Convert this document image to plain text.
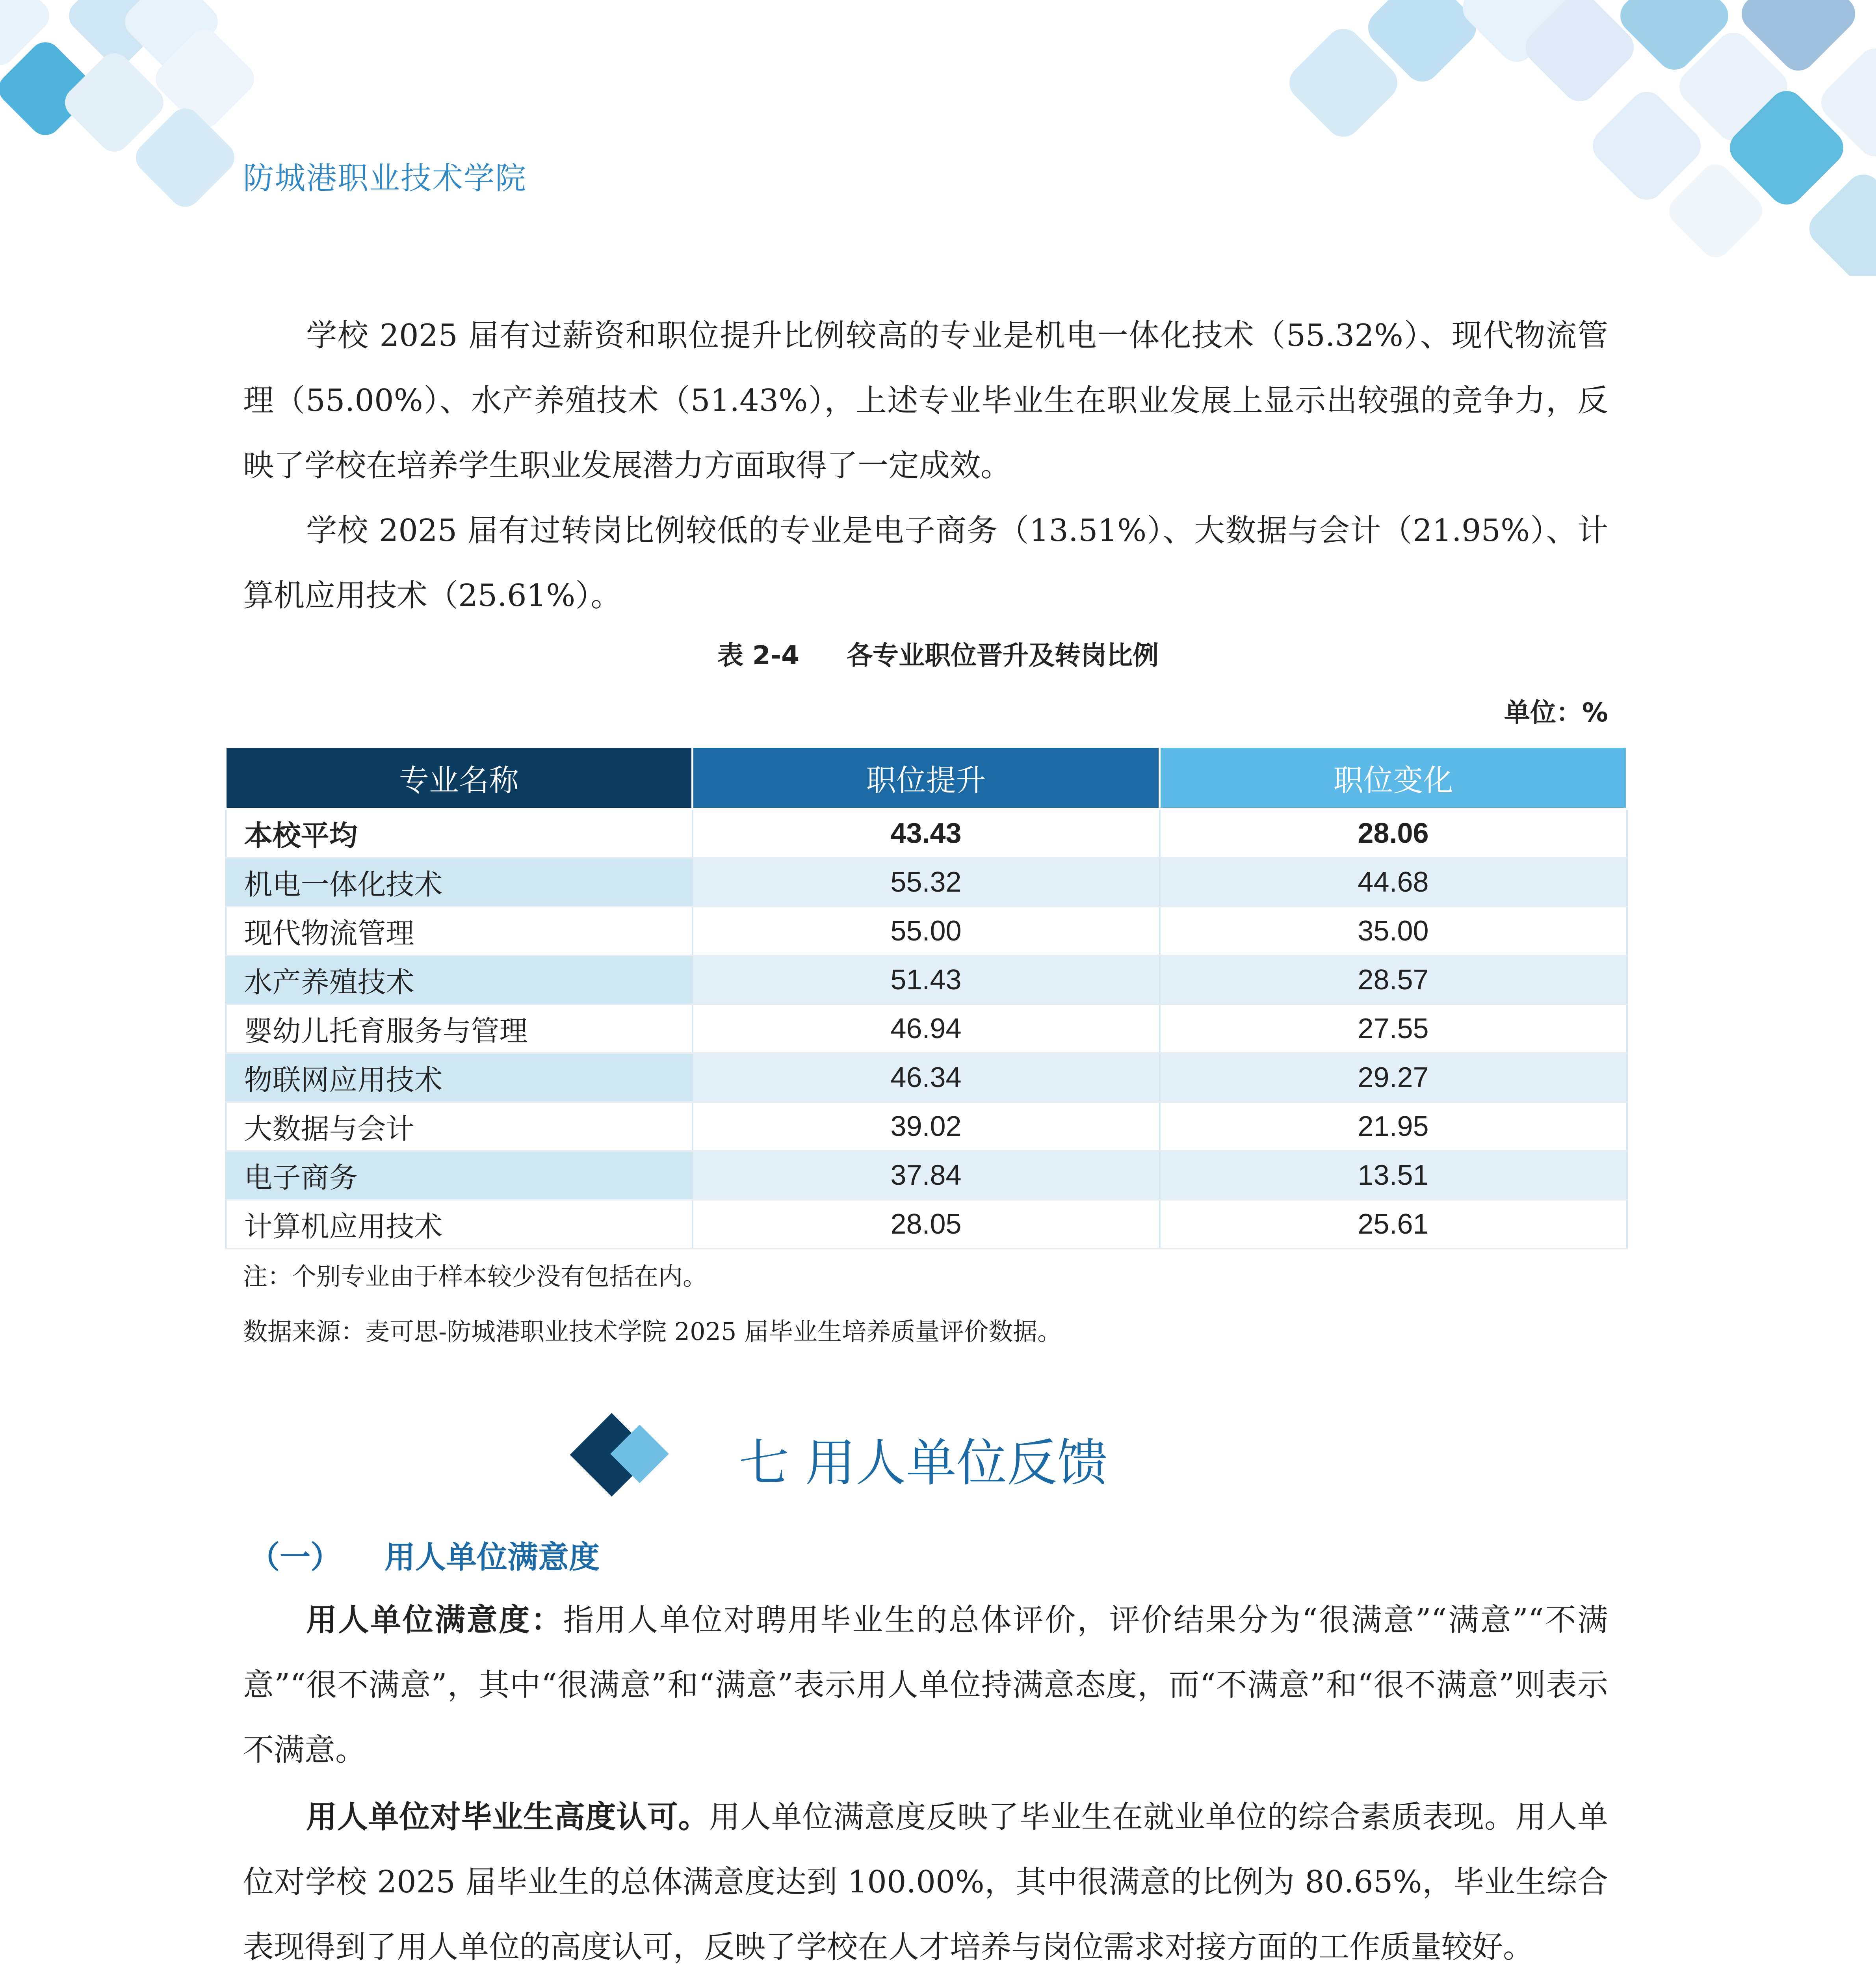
防城港职业技术学院

学校 2025 届有过薪资和职位提升比例较高的专业是机电一体化技术（55.32%）、现代物流管理（55.00%）、水产养殖技术（51.43%），上述专业毕业生在职业发展上显示出较强的竞争力，反映了学校在培养学生职业发展潜力方面取得了一定成效。

学校 2025 届有过转岗比例较低的专业是电子商务（13.51%）、大数据与会计（21.95%）、计算机应用技术（25.61%）。

表 2-4 各专业职位晋升及转岗比例
单位：%
专业名称	职位提升	职位变化
本校平均	43.43	28.06
机电一体化技术	55.32	44.68
现代物流管理	55.00	35.00
水产养殖技术	51.43	28.57
婴幼儿托育服务与管理	46.94	27.55
物联网应用技术	46.34	29.27
大数据与会计	39.02	21.95
电子商务	37.84	13.51
计算机应用技术	28.05	25.61
注：个别专业由于样本较少没有包括在内。
数据来源：麦可思-防城港职业技术学院 2025 届毕业生培养质量评价数据。
七 用人单位反馈
（一） 用人单位满意度

用人单位满意度：指用人单位对聘用毕业生的总体评价，评价结果分为“很满意”“满意”“不满意”“很不满意”，其中“很满意”和“满意”表示用人单位持满意态度，而“不满意”和“很不满意”则表示不满意。

用人单位对毕业生高度认可。用人单位满意度反映了毕业生在就业单位的综合素质表现。用人单位对学校 2025 届毕业生的总体满意度达到 100.00%，其中很满意的比例为 80.65%，毕业生综合表现得到了用人单位的高度认可，反映了学校在人才培养与岗位需求对接方面的工作质量较好。
